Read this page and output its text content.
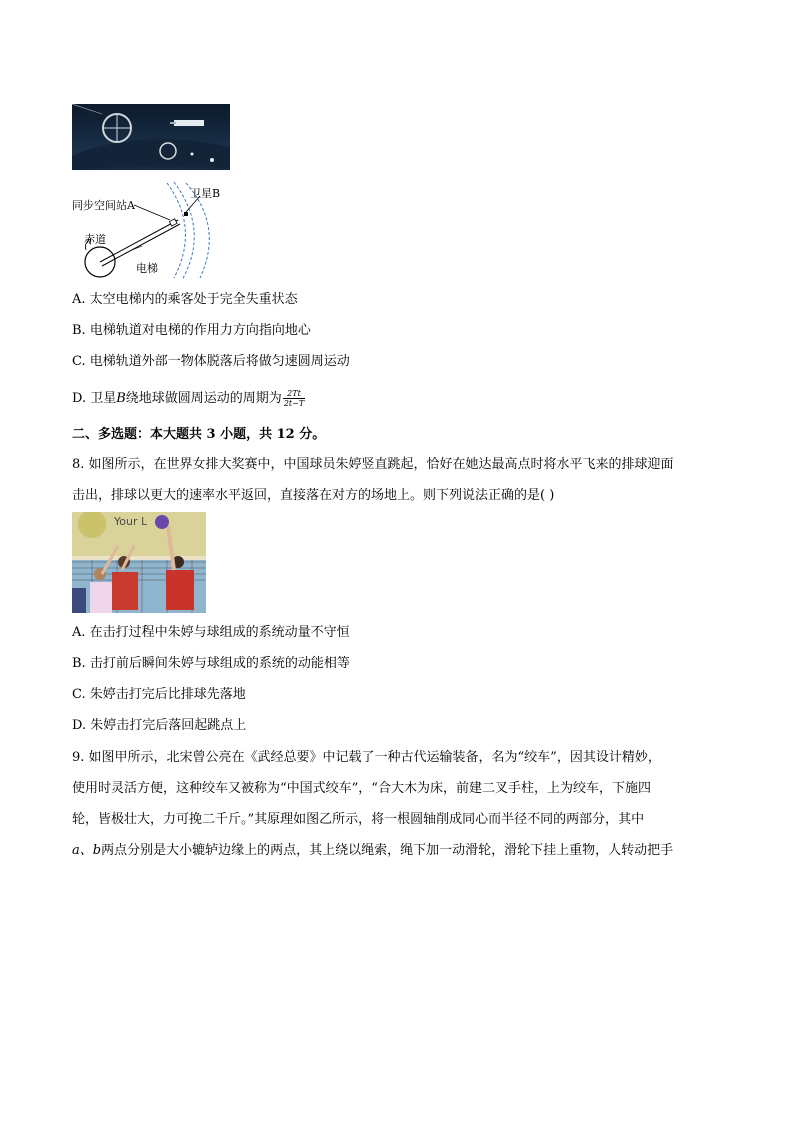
同步空间站A
卫星B
赤道
电梯
A. 太空电梯内的乘客处于完全失重状态
B. 电梯轨道对电梯的作用力方向指向地心
C. 电梯轨道外部一物体脱落后将做匀速圆周运动
D. 卫星B绕地球做圆周运动的周期为 $\frac{2Tt}{2t-T}$
二、多选题：本大题共 3 小题，共 12 分。
8. 如图所示，在世界女排大奖赛中，中国球员朱婷竖直跳起，恰好在她达最高点时将水平飞来的排球迎面
击出，排球以更大的速率水平返回，直接落在对方的场地上。则下列说法正确的是( )
Your L
A. 在击打过程中朱婷与球组成的系统动量不守恒
B. 击打前后瞬间朱婷与球组成的系统的动能相等
C. 朱婷击打完后比排球先落地
D. 朱婷击打完后落回起跳点上
9. 如图甲所示，北宋曾公亮在《武经总要》中记载了一种古代运输装备，名为“绞车”，因其设计精妙，
使用时灵活方便，这种绞车又被称为“中国式绞车”，“合大木为床，前建二叉手柱，上为绞车，下施四
轮，皆极壮大，力可挽二千斤。”其原理如图乙所示，将一根圆轴削成同心而半径不同的两部分，其中
a、b两点分别是大小辘轳边缘上的两点，其上绕以绳索，绳下加一动滑轮，滑轮下挂上重物，人转动把手
